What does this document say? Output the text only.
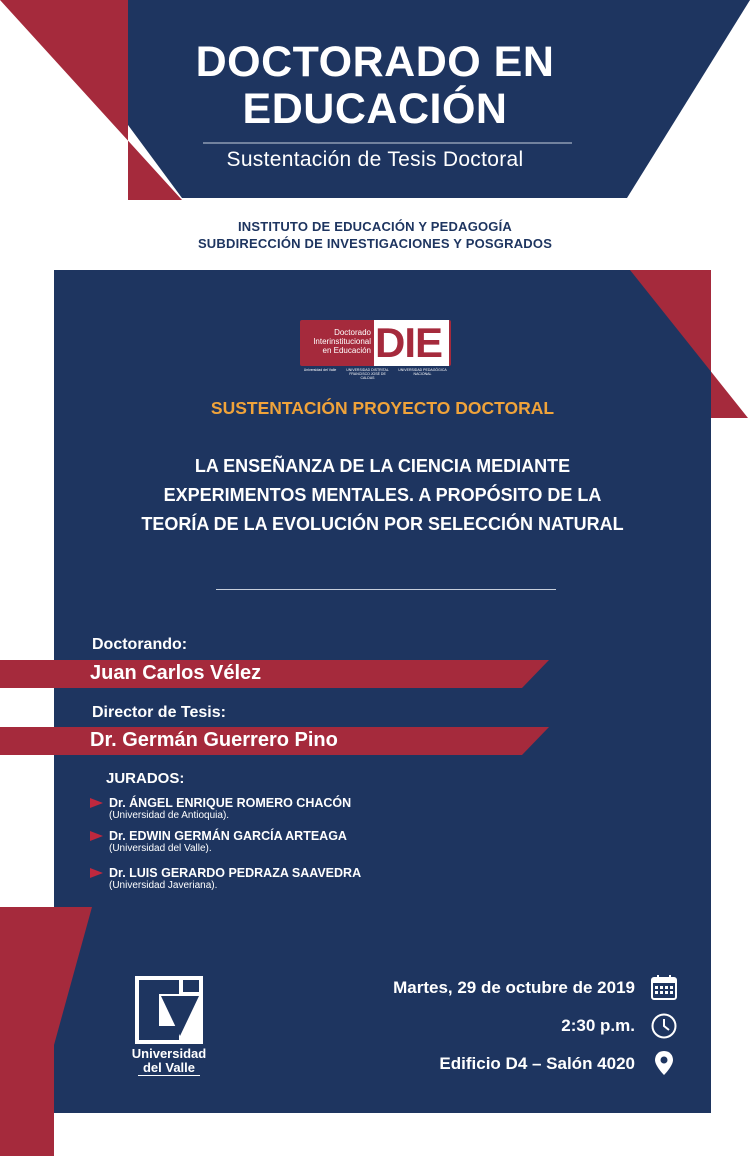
DOCTORADO EN
EDUCACIÓN
Sustentación de Tesis Doctoral
INSTITUTO DE EDUCACIÓN Y PEDAGOGÍA
SUBDIRECCIÓN DE INVESTIGACIONES Y POSGRADOS
Doctorado
Interinstitucional
en Educación DIE
Universidad del Valle	UNIVERSIDAD DISTRITAL FRANCISCO JOSÉ DE CALDAS
UNIVERSIDAD PEDAGÓGICA NACIONAL
SUSTENTACIÓN PROYECTO DOCTORAL
LA ENSEÑANZA DE LA CIENCIA MEDIANTE
EXPERIMENTOS MENTALES. A PROPÓSITO DE LA
TEORÍA DE LA EVOLUCIÓN POR SELECCIÓN NATURAL
Doctorando:
Juan Carlos Vélez
Director de Tesis:
Dr. Germán Guerrero Pino
JURADOS:
Dr. ÁNGEL ENRIQUE ROMERO CHACÓN
(Universidad de Antioquia).
Dr. EDWIN GERMÁN GARCÍA ARTEAGA
(Universidad del Valle).
Dr. LUIS GERARDO PEDRAZA SAAVEDRA
(Universidad Javeriana).
Universidad
del Valle
Martes, 29 de octubre de 2019
2:30 p.m.
Edificio D4 – Salón 4020
